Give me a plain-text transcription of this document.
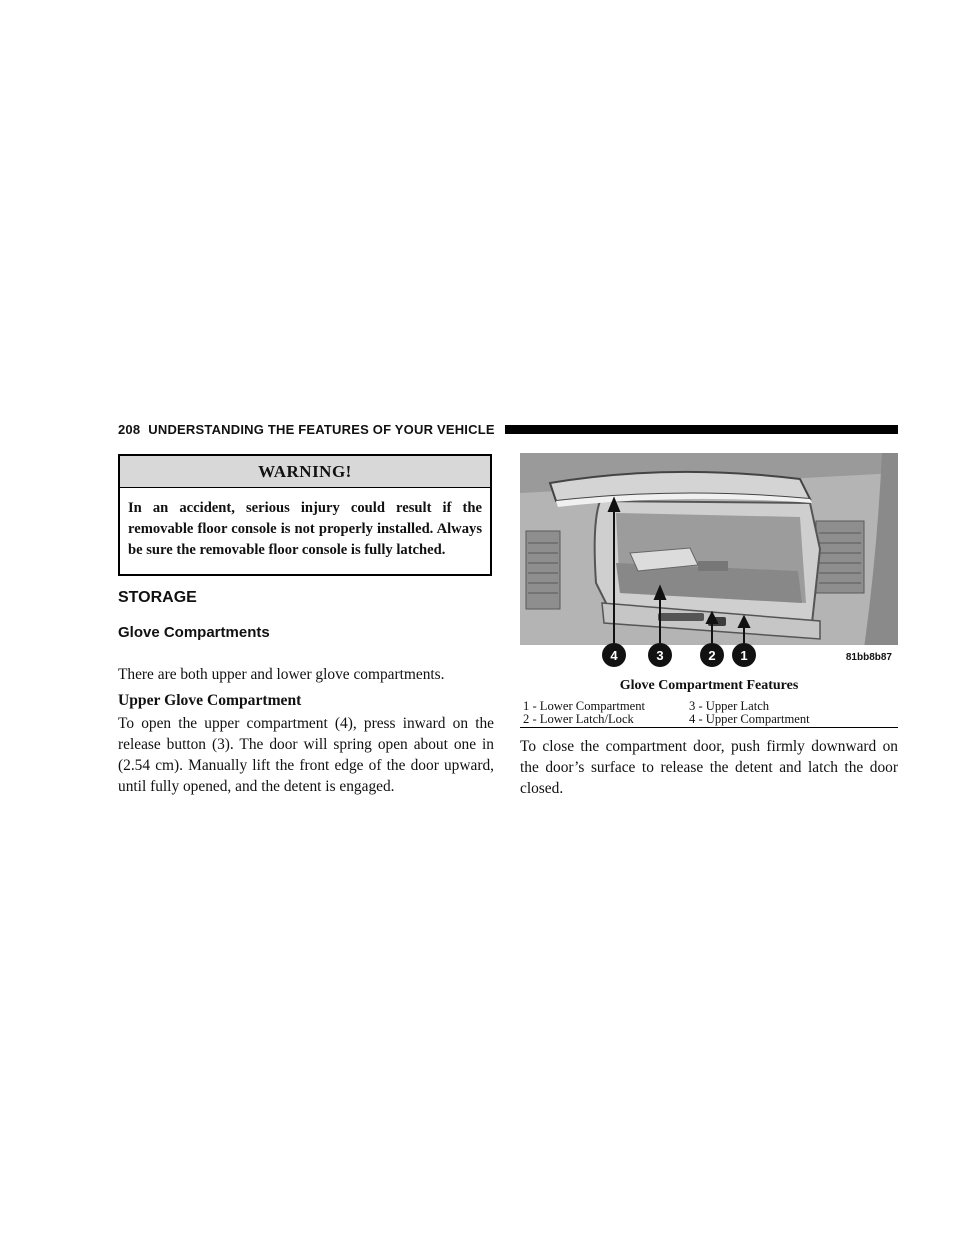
208 UNDERSTANDING THE FEATURES OF YOUR VEHICLE
WARNING!
In an accident, serious injury could result if the removable floor console is not properly installed. Always be sure the removable floor console is fully latched.
STORAGE
Glove Compartments
There are both upper and lower glove compartments.
Upper Glove Compartment
To open the upper compartment (4), press inward on the release button (3). The door will spring open about one in (2.54 cm). Manually lift the front edge of the door upward, until fully opened, and the detent is engaged.
4	3	2 1	81bb8b87
Glove Compartment Features
1 - Lower Compartment	3 - Upper Latch
2 - Lower Latch/Lock	4 - Upper Compartment
To close the compartment door, push firmly downward on the door’s surface to release the detent and latch the door closed.
